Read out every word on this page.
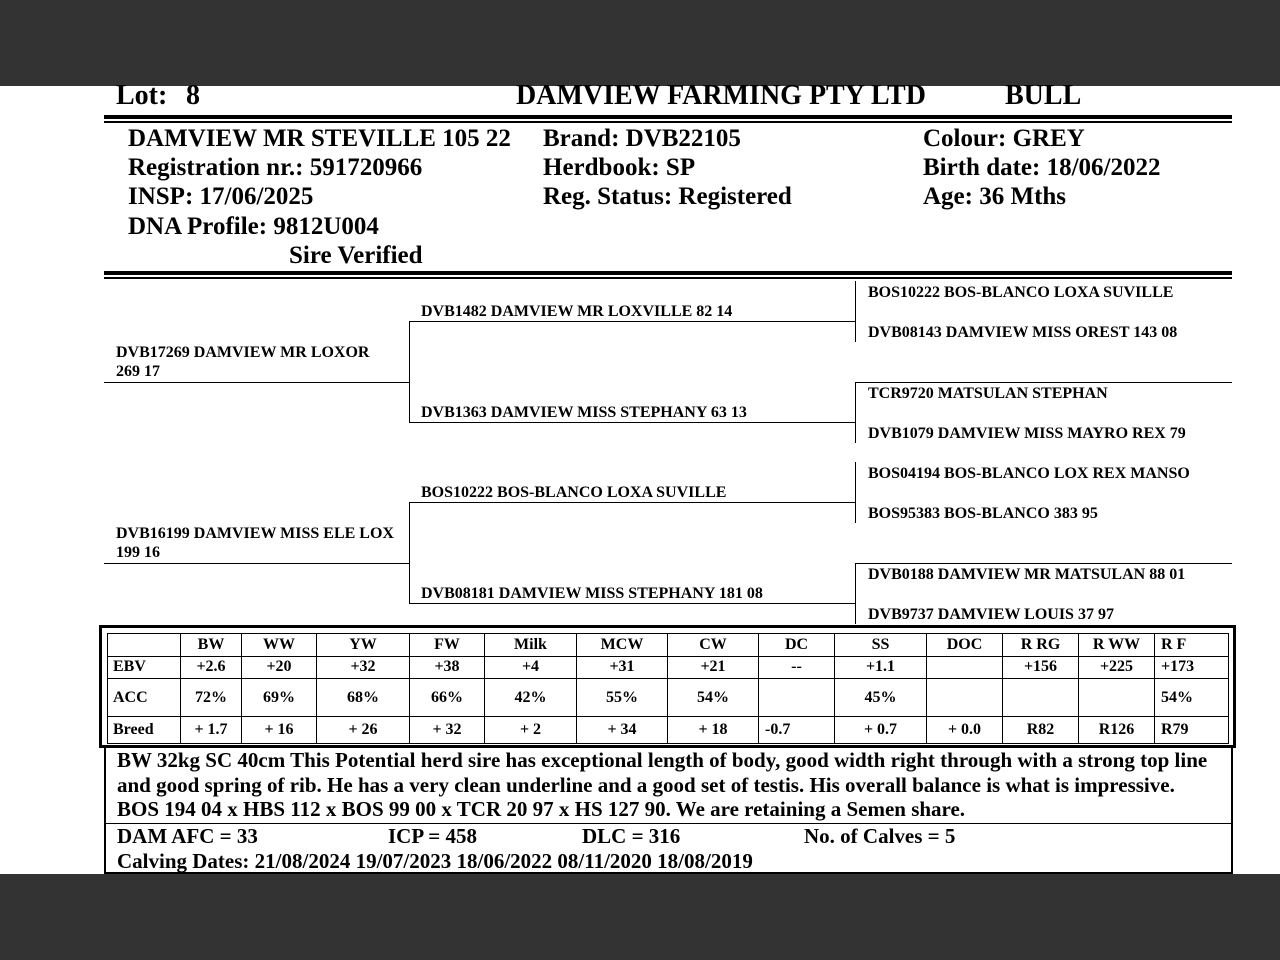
Lot: 8	DAMVIEW FARMING PTY LTD	BULL
DAMVIEW MR STEVILLE 105 22
Registration nr.: 591720966
INSP: 17/06/2025
DNA Profile: 9812U004
Sire Verified
Brand: DVB22105
Herdbook: SP
Reg. Status: Registered
Colour: GREY
Birth date: 18/06/2022
Age: 36 Mths
DVB17269 DAMVIEW MR LOXOR 269 17
DVB16199 DAMVIEW MISS ELE LOX 199 16
DVB1482 DAMVIEW MR LOXVILLE 82 14
DVB1363 DAMVIEW MISS STEPHANY 63 13
BOS10222 BOS-BLANCO LOXA SUVILLE
DVB08181 DAMVIEW MISS STEPHANY 181 08
BOS10222 BOS-BLANCO LOXA SUVILLE
DVB08143 DAMVIEW MISS OREST 143 08
TCR9720 MATSULAN STEPHAN
DVB1079 DAMVIEW MISS MAYRO REX 79
BOS04194 BOS-BLANCO LOX REX MANSO
BOS95383 BOS-BLANCO 383 95
DVB0188 DAMVIEW MR MATSULAN 88 01
DVB9737 DAMVIEW LOUIS 37 97
	BW	WW	YW	FW	Milk	MCW	CW	DC	SS	DOC	R RG	R WW	R F
EBV	+2.6	+20	+32	+38	+4	+31	+21	--	+1.1		+156	+225	+173
ACC	72%	69%	68%	66%	42%	55%	54%		45%				54%
Breed	+ 1.7	+ 16	+ 26	+ 32	+ 2	+ 34	+ 18	-0.7	+ 0.7	+ 0.0	R82	R126	R79
BW 32kg SC 40cm This Potential herd sire has exceptional length of body, good width right through with a strong top line and good spring of rib. He has a very clean underline and a good set of testis. His overall balance is what is impressive. BOS 194 04 x HBS 112 x BOS 99 00 x TCR 20 97 x HS 127 90. We are retaining a Semen share.
DAM AFC = 33	ICP = 458	DLC = 316	No. of Calves = 5
Calving Dates: 21/08/2024 19/07/2023 18/06/2022 08/11/2020 18/08/2019
